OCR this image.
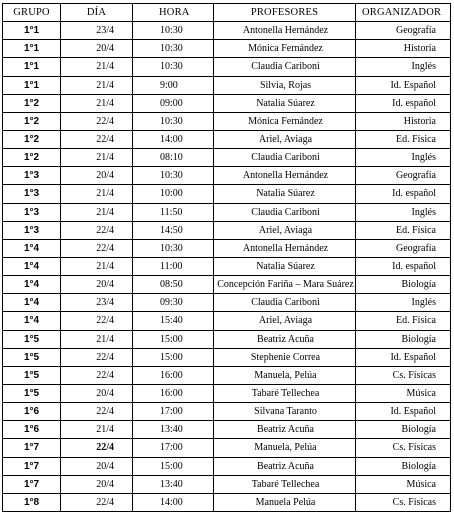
GRUPO	DÍA	HORA	PROFESORES	ORGANIZADOR
1°1	23/4	10:30	Antonella Hernández	Geografía
1°1	20/4	10:30	Mónica Fernández	Historia
1°1	21/4	10:30	Claudia Cariboni	Inglés
1°1	21/4	9:00	Silvia, Rojas	Id. Español
1°2	21/4	09:00	Natalia Súarez	Id. español
1°2	22/4	10:30	Mónica Fernández	Historia
1°2	22/4	14:00	Ariel, Aviaga	Ed. Física
1°2	21/4	08:10	Claudia Cariboni	Inglés
1°3	20/4	10:30	Antonella Hernández	Geografía
1°3	21/4	10:00	Natalia Súarez	Id. español
1°3	21/4	11:50	Claudia Cariboni	Inglés
1°3	22/4	14:50	Ariel, Aviaga	Ed. Física
1°4	22/4	10:30	Antonella Hernández	Geografía
1°4	21/4	11:00	Natalia Súarez	Id. español
1°4	20/4	08:50	Concepción Fariña – Mara Suárez	Biología
1°4	23/4	09:30	Claudia Cariboni	Inglés
1°4	22/4	15:40	Ariel, Aviaga	Ed. Física
1°5	21/4	15:00	Beatriz Acuña	Biología
1°5	22/4	15:00	Stephenie Correa	Id. Español
1°5	22/4	16:00	Manuela, Pelúa	Cs. Físicas
1°5	20/4	16:00	Tabaré Tellechea	Música
1°6	22/4	17:00	Silvana Taranto	Id. Español
1°6	21/4	13:40	Beatriz Acuña	Biología
1°7	22/4	17:00	Manuela, Pelúa	Cs. Físicas
1°7	20/4	15:00	Beatriz Acuña	Biología
1°7	20/4	13:40	Tabaré Tellechea	Música
1°8	22/4	14:00	Manuela Pelúa	Cs. Físicas
